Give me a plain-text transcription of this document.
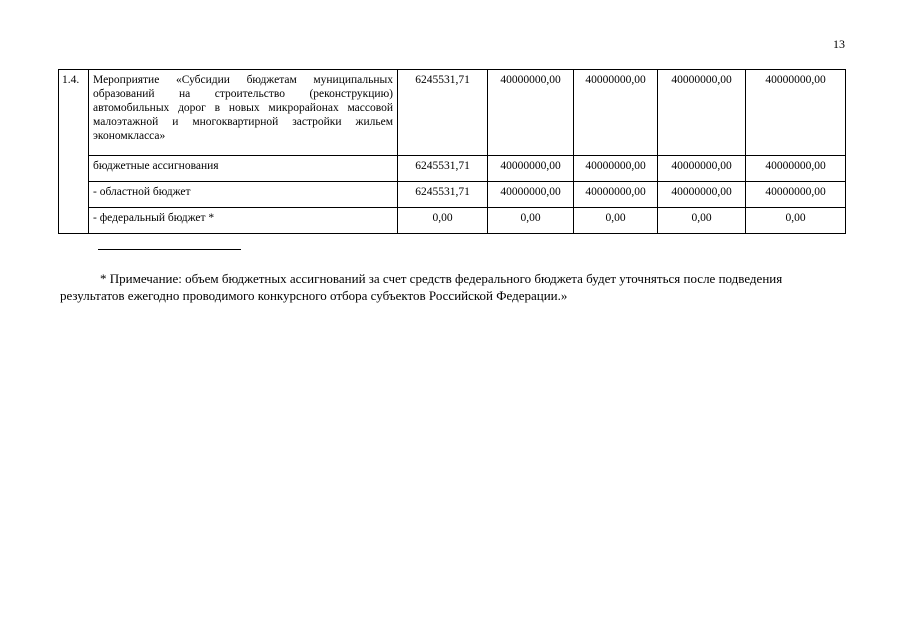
13
1.4.	Мероприятие «Субсидии бюджетам муниципальных образований на строительство (реконструкцию) автомобильных дорог в новых микрорайонах массовой малоэтажной и многоквартирной застройки жильем экономкласса»	6245531,71	40000000,00	40000000,00	40000000,00	40000000,00
	бюджетные ассигнования	6245531,71	40000000,00	40000000,00	40000000,00	40000000,00
	- областной бюджет	6245531,71	40000000,00	40000000,00	40000000,00	40000000,00
	- федеральный бюджет *	0,00	0,00	0,00	0,00	0,00
* Примечание: объем бюджетных ассигнований за счет средств федерального бюджета будет уточняться после подведения результатов ежегодно проводимого конкурсного отбора субъектов Российской Федерации.»
